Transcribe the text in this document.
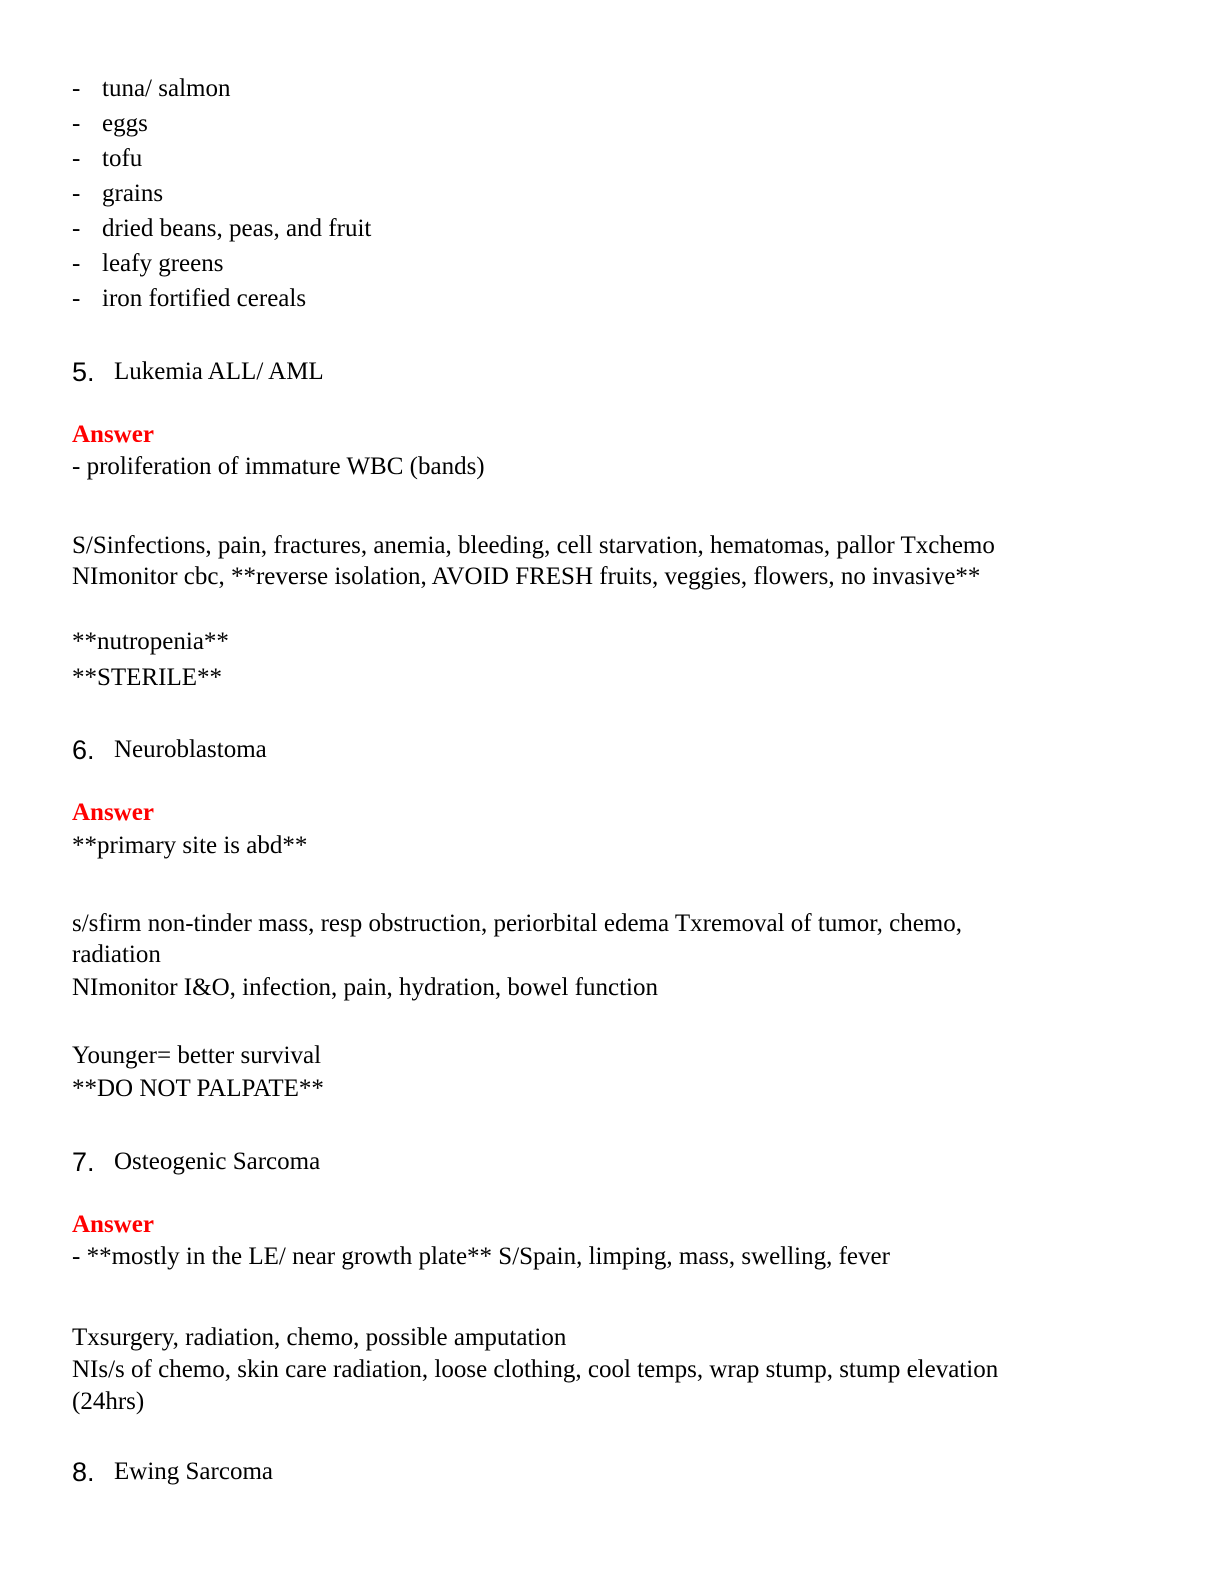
- tuna/ salmon
- eggs
- tofu
- grains
- dried beans, peas, and fruit
- leafy greens
- iron fortified cereals
5. Lukemia ALL/ AML
Answer
- proliferation of immature WBC (bands)
S/Sinfections, pain, fractures, anemia, bleeding, cell starvation, hematomas, pallor Txchemo
NImonitor cbc, **reverse isolation, AVOID FRESH fruits, veggies, flowers, no invasive**
**nutropenia**
**STERILE**
6. Neuroblastoma
Answer
**primary site is abd**
s/sfirm non-tinder mass, resp obstruction, periorbital edema Txremoval of tumor, chemo,
radiation
NImonitor I&O, infection, pain, hydration, bowel function
Younger= better survival
**DO NOT PALPATE**
7. Osteogenic Sarcoma
Answer
- **mostly in the LE/ near growth plate** S/Spain, limping, mass, swelling, fever
Txsurgery, radiation, chemo, possible amputation
NIs/s of chemo, skin care radiation, loose clothing, cool temps, wrap stump, stump elevation
(24hrs)
8. Ewing Sarcoma
